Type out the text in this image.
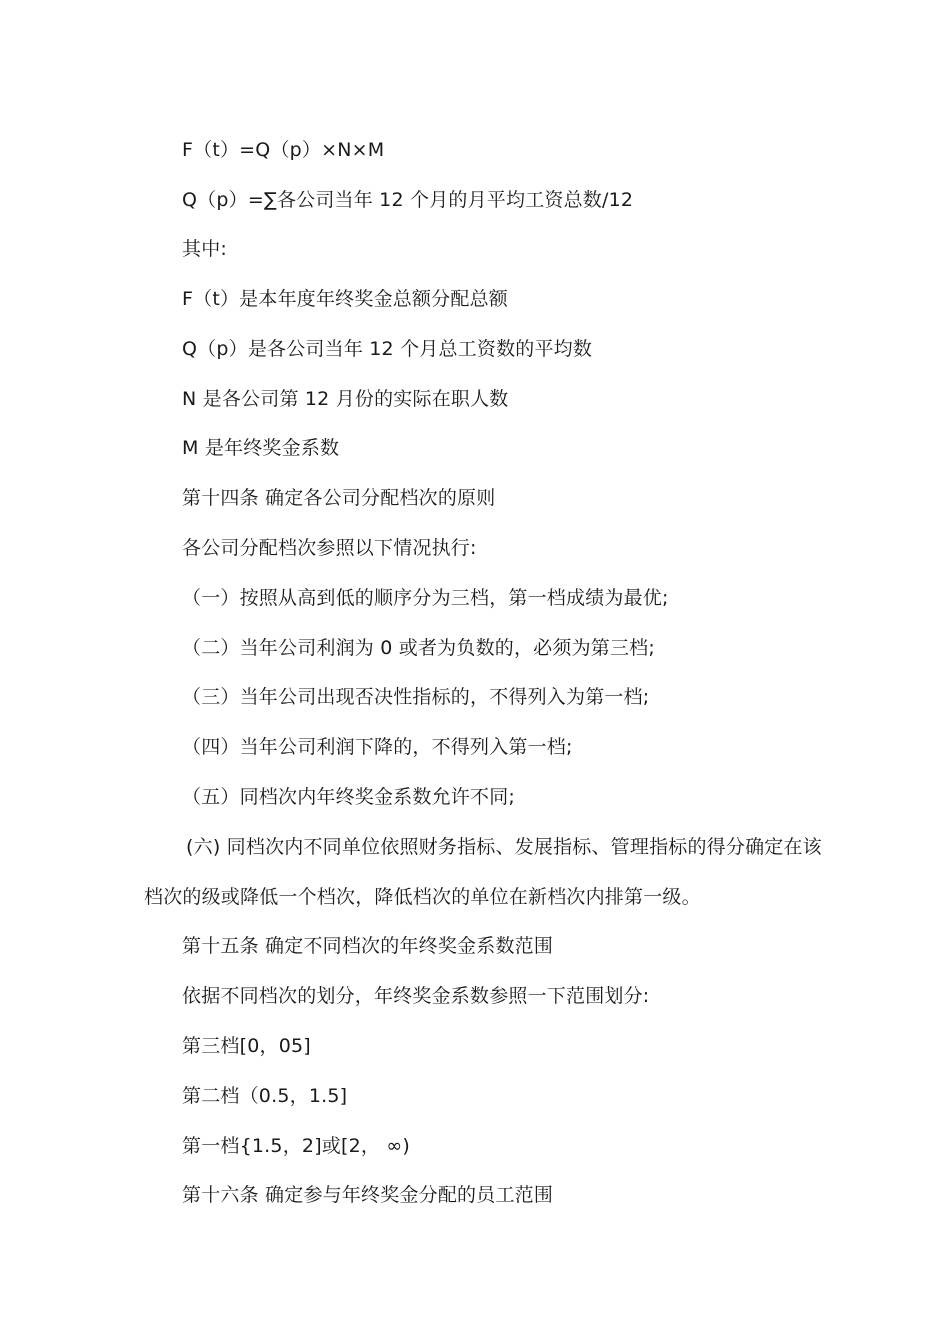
F（t）=Q（p）×N×M
Q（p）=∑各公司当年 12 个月的月平均工资总数/12
其中:
F（t）是本年度年终奖金总额分配总额
Q（p）是各公司当年 12 个月总工资数的平均数
N 是各公司第 12 月份的实际在职人数
M 是年终奖金系数
第十四条 确定各公司分配档次的原则
各公司分配档次参照以下情况执行:
（一）按照从高到低的顺序分为三档，第一档成绩为最优;
（二）当年公司利润为 0 或者为负数的，必须为第三档;
（三）当年公司出现否决性指标的，不得列入为第一档;
（四）当年公司利润下降的，不得列入第一档;
（五）同档次内年终奖金系数允许不同;
(六) 同档次内不同单位依照财务指标、发展指标、管理指标的得分确定在该
档次的级或降低一个档次，降低档次的单位在新档次内排第一级。
第十五条 确定不同档次的年终奖金系数范围
依据不同档次的划分，年终奖金系数参照一下范围划分:
第三档[0，05]
第二档（0.5，1.5]
第一档{1.5，2]或[2， ∞)
第十六条 确定参与年终奖金分配的员工范围
